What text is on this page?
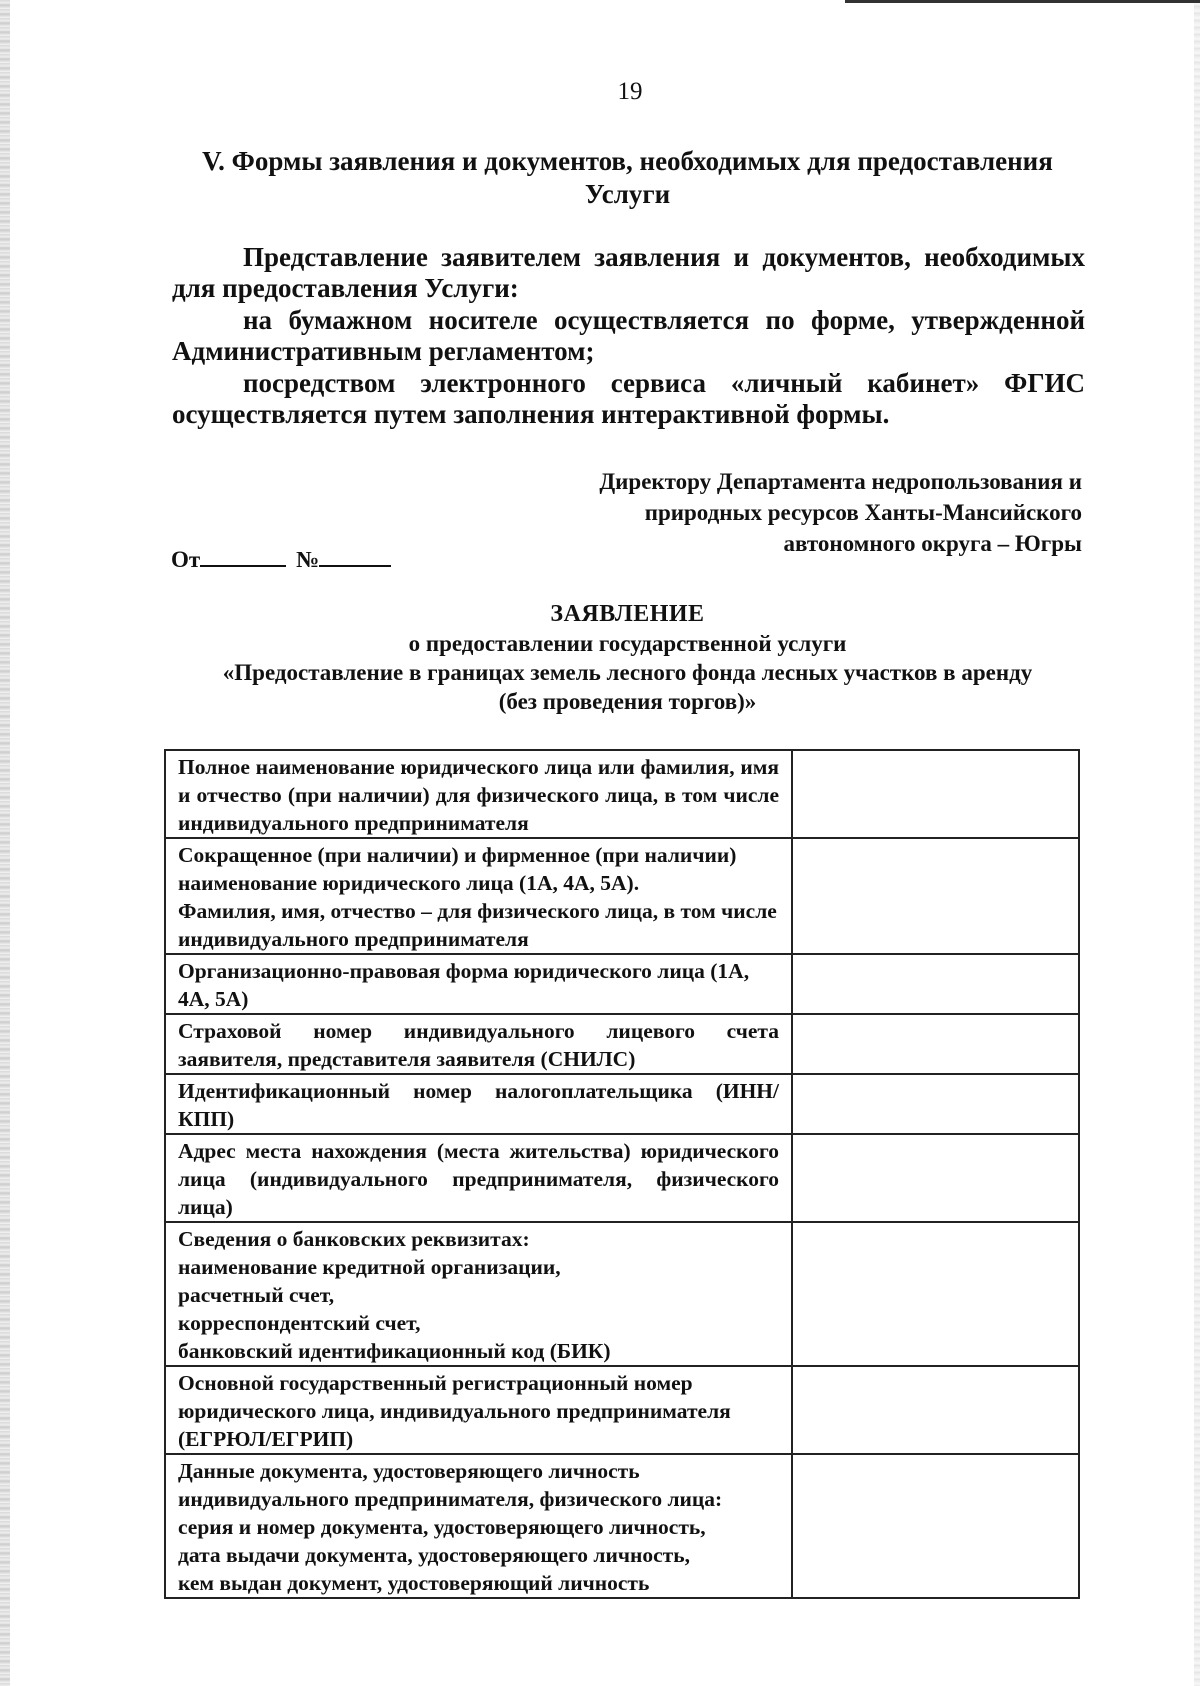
19
V. Формы заявления и документов, необходимых для предоставления Услуги
Представление заявителем заявления и документов, необходимых для предоставления Услуги:
на бумажном носителе осуществляется по форме, утвержденной Административным регламентом;
посредством электронного сервиса «личный кабинет» ФГИС осуществляется путем заполнения интерактивной формы.
Директору Департамента недропользования и
природных ресурсов Ханты-Мансийского
автономного округа – Югры
От	№
ЗАЯВЛЕНИЕ
о предоставлении государственной услуги
«Предоставление в границах земель лесного фонда лесных участков в аренду (без проведения торгов)»
Полное наименование юридического лица или фамилия, имя и отчество (при наличии) для физического лица, в том числе индивидуального предпринимателя	

Сокращенное (при наличии) и фирменное (при наличии) наименование юридического лица (1А, 4А, 5А).
Фамилия, имя, отчество – для физического лица, в том числе индивидуального предпринимателя	

Организационно-правовая форма юридического лица (1А, 4А, 5А)	

Страховой номер индивидуального лицевого счета заявителя, представителя заявителя (СНИЛС)	

Идентификационный номер налогоплательщика (ИНН/КПП)	

Адрес места нахождения (места жительства) юридического лица (индивидуального предпринимателя, физического лица)	

Сведения о банковских реквизитах:
наименование кредитной организации,
расчетный счет,
корреспондентский счет,
банковский идентификационный код (БИК)	

Основной государственный регистрационный номер юридического лица, индивидуального предпринимателя (ЕГРЮЛ/ЕГРИП)	

Данные документа, удостоверяющего личность индивидуального предпринимателя, физического лица:
серия и номер документа, удостоверяющего личность,
дата выдачи документа, удостоверяющего личность,
кем выдан документ, удостоверяющий личность	
